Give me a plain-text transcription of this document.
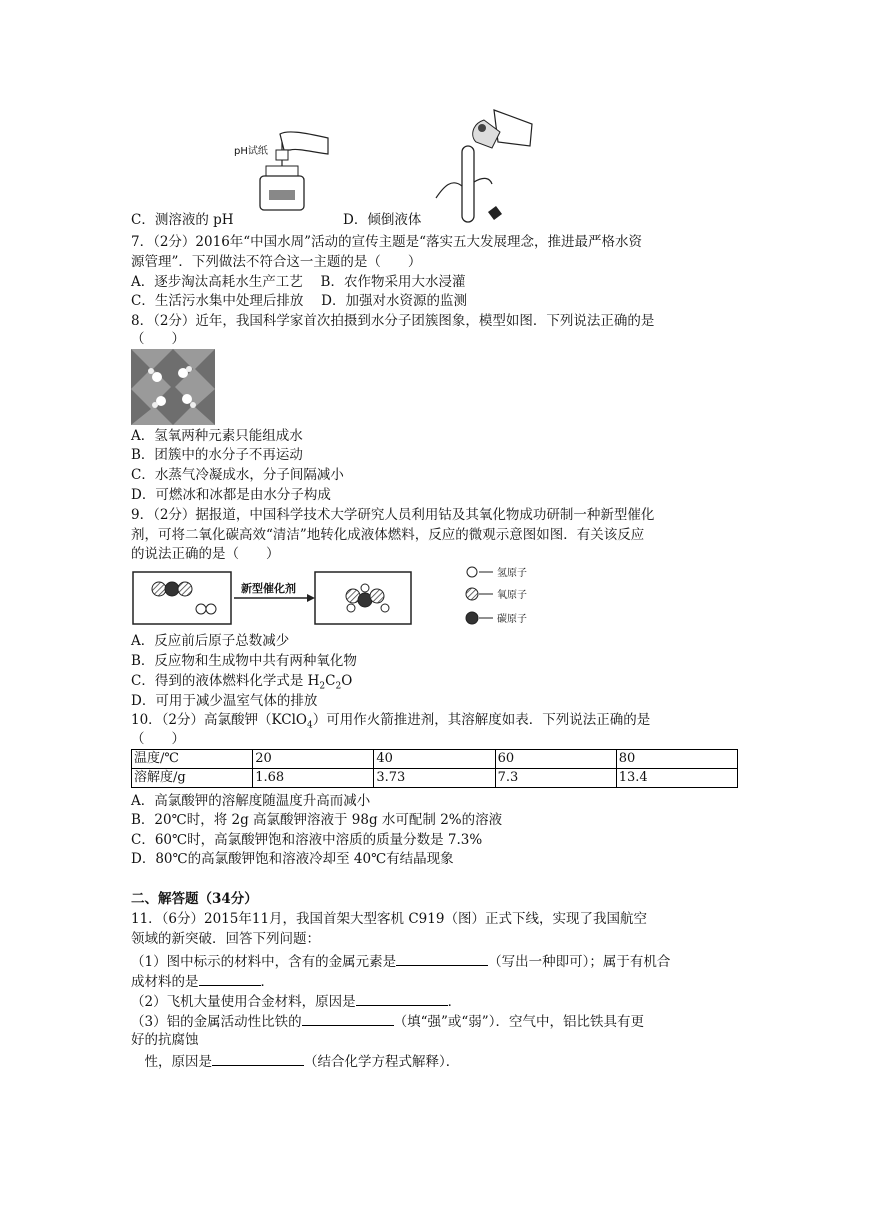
pH试纸
C．测溶液的 pH	D．倾倒液体
7．（2分）2016年“中国水周”活动的宣传主题是“落实五大发展理念，推进最严格水资
源管理”．下列做法不符合这一主题的是（　　）
A．逐步淘汰高耗水生产工艺　 B．农作物采用大水浸灌
C．生活污水集中处理后排放　 D．加强对水资源的监测
8．（2分）近年，我国科学家首次拍摄到水分子团簇图象，模型如图．下列说法正确的是
（　　）
A．氢氧两种元素只能组成水
B．团簇中的水分子不再运动
C．水蒸气冷凝成水，分子间隔减小
D．可燃冰和冰都是由水分子构成
9．（2分）据报道，中国科学技术大学研究人员利用钴及其氧化物成功研制一种新型催化
剂，可将二氧化碳高效“清洁”地转化成液体燃料，反应的微观示意图如图．有关该反应
的说法正确的是（　　）
新型催化剂
氢原子
氧原子
碳原子
A．反应前后原子总数减少
B．反应物和生成物中共有两种氧化物
C．得到的液体燃料化学式是 $H_2C_2O$
D．可用于减少温室气体的排放
10．（2分）高氯酸钾（KClO$_4$）可用作火箭推进剂，其溶解度如表．下列说法正确的是
（　　）
温度/℃	20	40	60	80
溶解度/g	1.68	3.73	7.3	13.4
A．高氯酸钾的溶解度随温度升高而减小
B．20℃时，将 2g 高氯酸钾溶液于 98g 水可配制 2%的溶液
C．60℃时，高氯酸钾饱和溶液中溶质的质量分数是 7.3%
D．80℃的高氯酸钾饱和溶液冷却至 40℃有结晶现象
二、解答题（34分）
11．（6分）2015年11月，我国首架大型客机 C919（图）正式下线，实现了我国航空
领域的新突破．回答下列问题：
（1）图中标示的材料中，含有的金属元素是	（写出一种即可）；属于有机合
成材料的是	．
（2）飞机大量使用合金材料，原因是	．
（3）铝的金属活动性比铁的	（填“强”或“弱”）．空气中，铝比铁具有更
好的抗腐蚀
　性，原因是	（结合化学方程式解释）．
